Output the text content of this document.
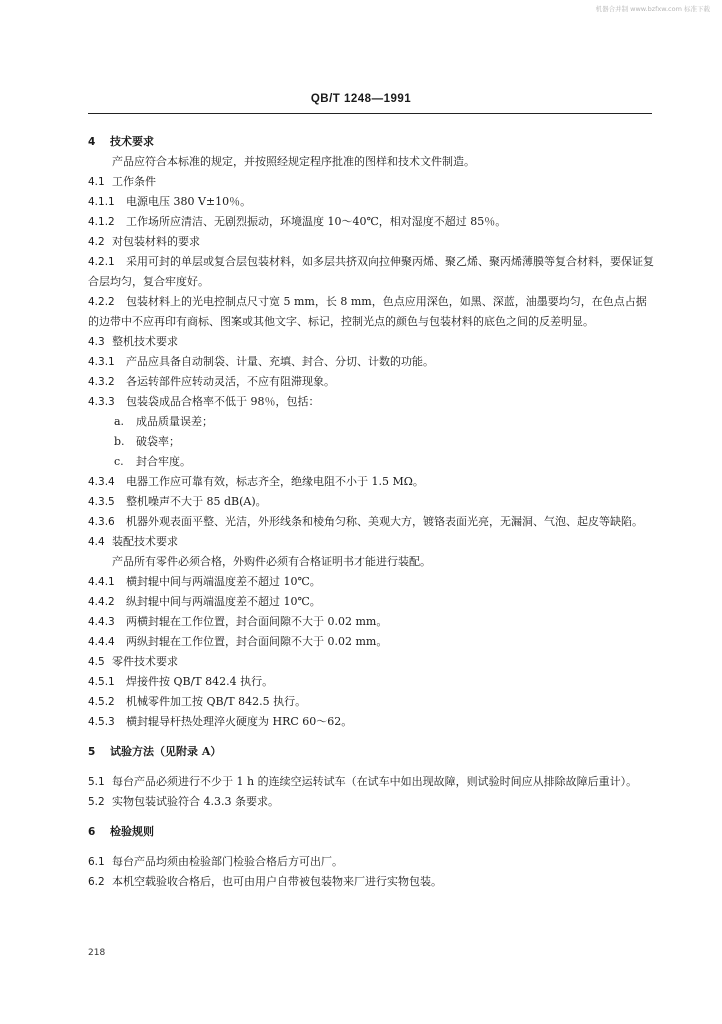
机器合并制 www.bzfxw.com 标准下载
QB/T 1248—1991
4 技术要求
产品应符合本标准的规定，并按照经规定程序批准的图样和技术文件制造。
4.1 工作条件
4.1.1 电源电压 380 V±10％。
4.1.2 工作场所应清洁、无剧烈振动，环境温度 10～40℃，相对湿度不超过 85％。
4.2 对包装材料的要求
4.2.1 采用可封的单层或复合层包装材料，如多层共挤双向拉伸聚丙烯、聚乙烯、聚丙烯薄膜等复合材料，要保证复合层均匀，复合牢度好。
4.2.2 包装材料上的光电控制点尺寸宽 5 mm，长 8 mm，色点应用深色，如黑、深蓝，油墨要均匀，在色点占据的边带中不应再印有商标、图案或其他文字、标记，控制光点的颜色与包装材料的底色之间的反差明显。
4.3 整机技术要求
4.3.1 产品应具备自动制袋、计量、充填、封合、分切、计数的功能。
4.3.2 各运转部件应转动灵活，不应有阻滞现象。
4.3.3 包装袋成品合格率不低于 98％，包括：
a. 成品质量误差；
b. 破袋率；
c. 封合牢度。
4.3.4 电器工作应可靠有效，标志齐全，绝缘电阻不小于 1.5 MΩ。
4.3.5 整机噪声不大于 85 dB(A)。
4.3.6 机器外观表面平整、光洁，外形线条和棱角匀称、美观大方，镀铬表面光亮，无漏洞、气泡、起皮等缺陷。
4.4 装配技术要求
产品所有零件必须合格，外购件必须有合格证明书才能进行装配。
4.4.1 横封辊中间与两端温度差不超过 10℃。
4.4.2 纵封辊中间与两端温度差不超过 10℃。
4.4.3 两横封辊在工作位置，封合面间隙不大于 0.02 mm。
4.4.4 两纵封辊在工作位置，封合面间隙不大于 0.02 mm。
4.5 零件技术要求
4.5.1 焊接件按 QB/T 842.4 执行。
4.5.2 机械零件加工按 QB/T 842.5 执行。
4.5.3 横封辊导杆热处理淬火硬度为 HRC 60～62。
5 试验方法（见附录 A）
5.1 每台产品必须进行不少于 1 h 的连续空运转试车（在试车中如出现故障，则试验时间应从排除故障后重计）。
5.2 实物包装试验符合 4.3.3 条要求。
6 检验规则
6.1 每台产品均须由检验部门检验合格后方可出厂。
6.2 本机空载验收合格后，也可由用户自带被包装物来厂进行实物包装。
218
